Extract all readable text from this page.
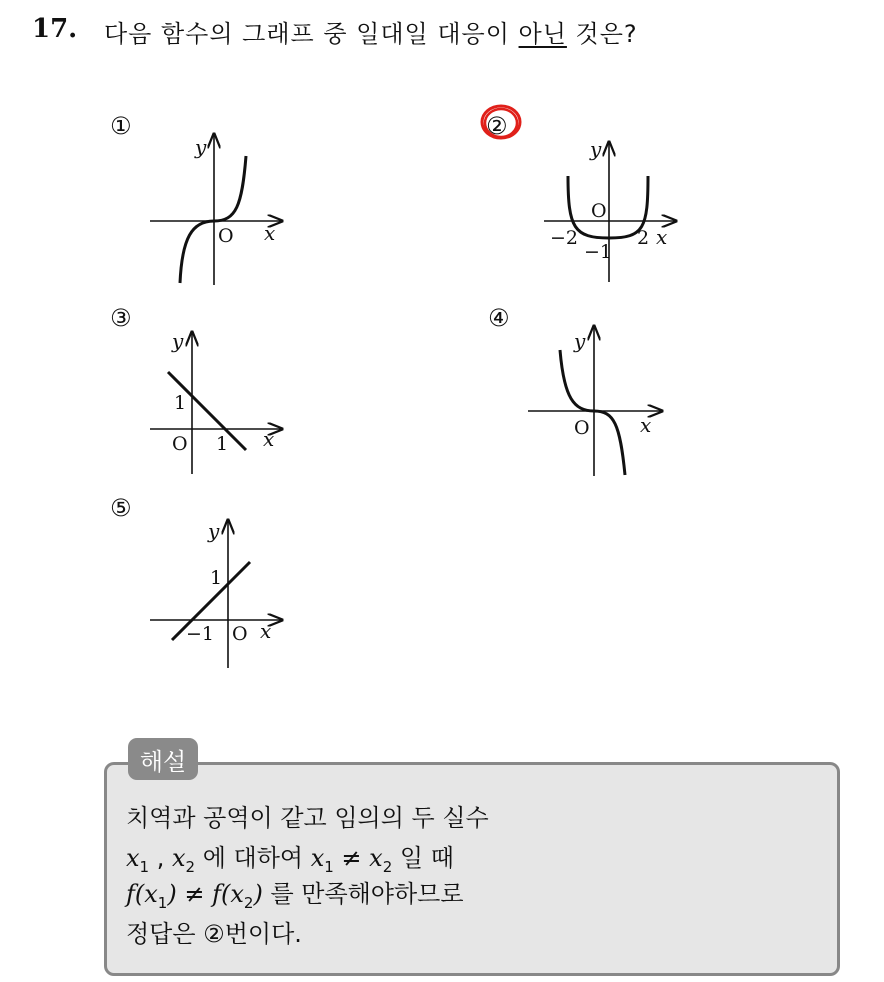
17. 다음 함수의 그래프 중 일대일 대응이 아닌 것은?
①
y
x
O
②
y
x
O
−2	2
−1
③
y
x
O
1
1
④
y
x
O
⑤
y
x
O
1
−1
해설
치역과 공역이 같고 임의의 두 실수
$x_1$ , $x_2$ 에 대하여 $x_1 \ne x_2$ 일 때
$f(x_1) \ne f(x_2)$ 를 만족해야하므로
정답은 ②번이다.
